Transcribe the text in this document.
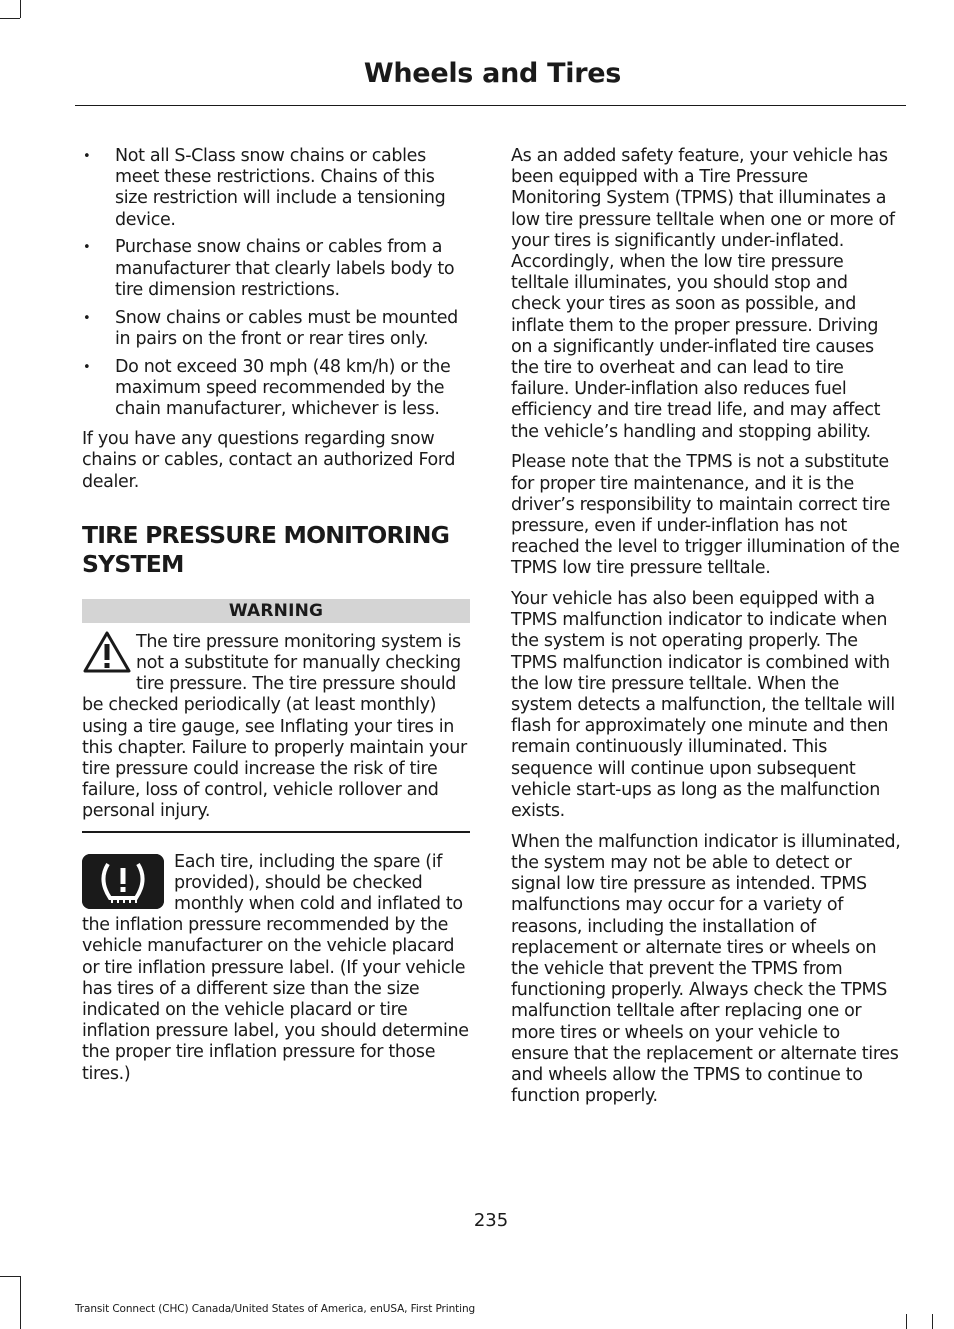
Wheels and Tires
• Not all S-Class snow chains or cables meet these restrictions. Chains of this size restriction will include a tensioning device.
• Purchase snow chains or cables from a manufacturer that clearly labels body to tire dimension restrictions.
• Snow chains or cables must be mounted in pairs on the front or rear tires only.
• Do not exceed 30 mph (48 km/h) or the maximum speed recommended by the chain manufacturer, whichever is less.

If you have any questions regarding snow chains or cables, contact an authorized Ford dealer.

TIRE PRESSURE MONITORING SYSTEM
WARNING
The tire pressure monitoring system is not a substitute for manually checking tire pressure. The tire pressure should be checked periodically (at least monthly) using a tire gauge, see Inflating your tires in this chapter. Failure to properly maintain your tire pressure could increase the risk of tire failure, loss of control, vehicle rollover and personal injury.
Each tire, including the spare (if provided), should be checked monthly when cold and inflated to the inflation pressure recommended by the vehicle manufacturer on the vehicle placard or tire inflation pressure label. (If your vehicle has tires of a different size than the size indicated on the vehicle placard or tire inflation pressure label, you should determine the proper tire inflation pressure for those tires.)

As an added safety feature, your vehicle has been equipped with a Tire Pressure Monitoring System (TPMS) that illuminates a low tire pressure telltale when one or more of your tires is significantly under-inflated. Accordingly, when the low tire pressure telltale illuminates, you should stop and check your tires as soon as possible, and inflate them to the proper pressure. Driving on a significantly under-inflated tire causes the tire to overheat and can lead to tire failure. Under-inflation also reduces fuel efficiency and tire tread life, and may affect the vehicle’s handling and stopping ability.

Please note that the TPMS is not a substitute for proper tire maintenance, and it is the driver’s responsibility to maintain correct tire pressure, even if under-inflation has not reached the level to trigger illumination of the TPMS low tire pressure telltale.

Your vehicle has also been equipped with a TPMS malfunction indicator to indicate when the system is not operating properly. The TPMS malfunction indicator is combined with the low tire pressure telltale. When the system detects a malfunction, the telltale will flash for approximately one minute and then remain continuously illuminated. This sequence will continue upon subsequent vehicle start-ups as long as the malfunction exists.

When the malfunction indicator is illuminated, the system may not be able to detect or signal low tire pressure as intended. TPMS malfunctions may occur for a variety of reasons, including the installation of replacement or alternate tires or wheels on the vehicle that prevent the TPMS from functioning properly. Always check the TPMS malfunction telltale after replacing one or more tires or wheels on your vehicle to ensure that the replacement or alternate tires and wheels allow the TPMS to continue to function properly.

235
Transit Connect (CHC) Canada/United States of America, enUSA, First Printing
